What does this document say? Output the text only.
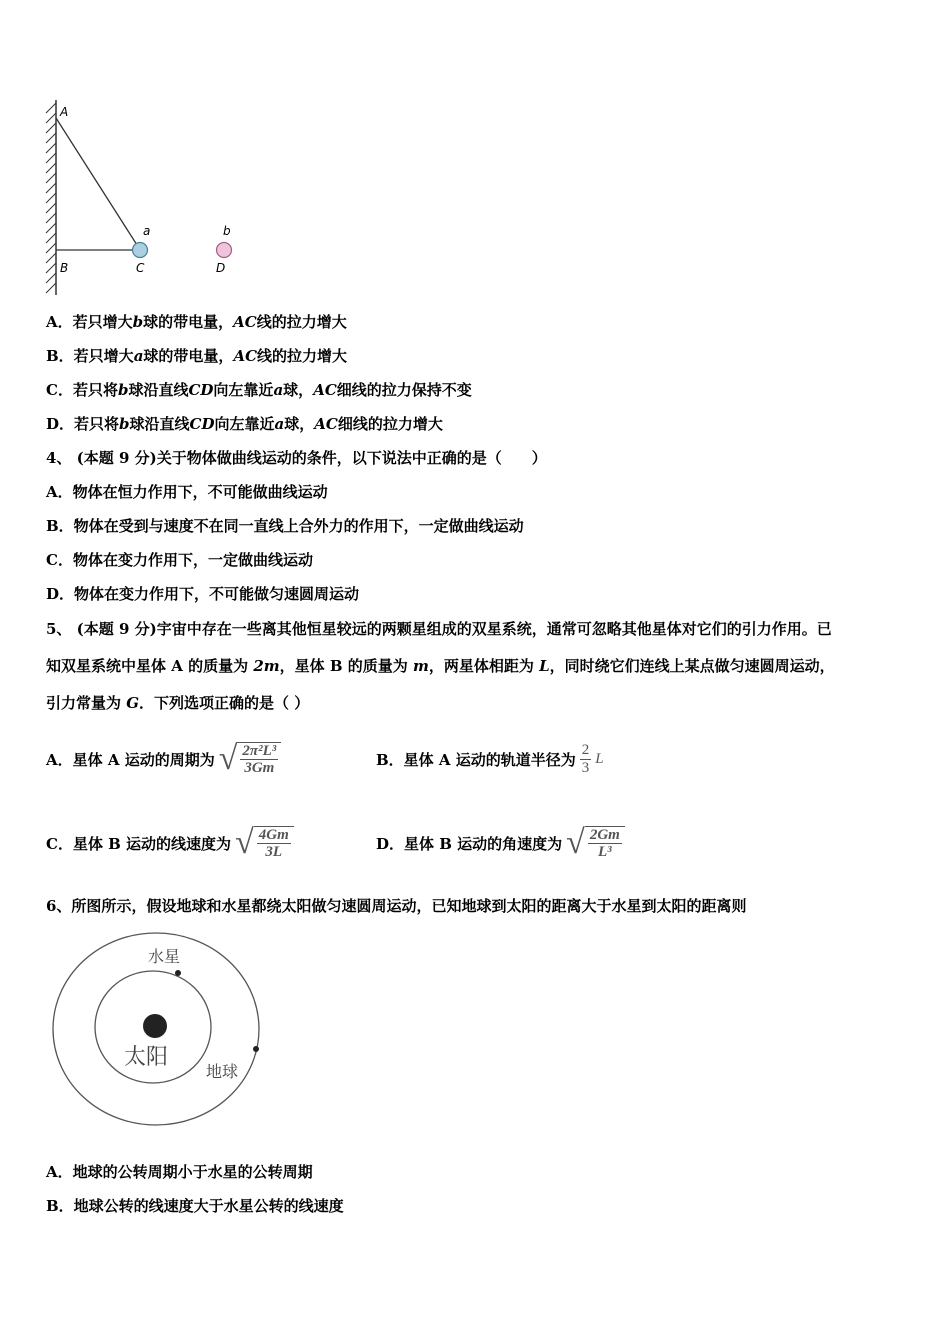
A
a	b
B	C	D
A．若只增大b球的带电量，AC线的拉力增大
B．若只增大a球的带电量，AC线的拉力增大
C．若只将b球沿直线CD向左靠近a球，AC细线的拉力保持不变
D．若只将b球沿直线CD向左靠近a球，AC细线的拉力增大
4、 (本题 9 分)关于物体做曲线运动的条件，以下说法中正确的是（　　）
A．物体在恒力作用下，不可能做曲线运动
B．物体在受到与速度不在同一直线上合外力的作用下，一定做曲线运动
C．物体在变力作用下，一定做曲线运动
D．物体在变力作用下，不可能做匀速圆周运动
5、 (本题 9 分)宇宙中存在一些离其他恒星较远的两颗星组成的双星系统，通常可忽略其他星体对它们的引力作用。已
知双星系统中星体 A 的质量为 2m，星体 B 的质量为 m，两星体相距为 L，同时绕它们连线上某点做匀速圆周运动，
引力常量为 G．下列选项正确的是（ ）
A．星体 A 运动的周期为 √ $\frac{\text{2π²L³}}{3Gm}$	B．星体 A 运动的轨道半径为 $\frac{2}{3}$ L
C．星体 B 运动的线速度为 √ $\frac{4Gm}{3L}$	D．星体 B 运动的角速度为 √ $\frac{2Gm}{\text{L³}}$
6、所图所示，假设地球和水星都绕太阳做匀速圆周运动，已知地球到太阳的距离大于水星到太阳的距离则
水星
太阳
地球
A．地球的公转周期小于水星的公转周期
B．地球公转的线速度大于水星公转的线速度
